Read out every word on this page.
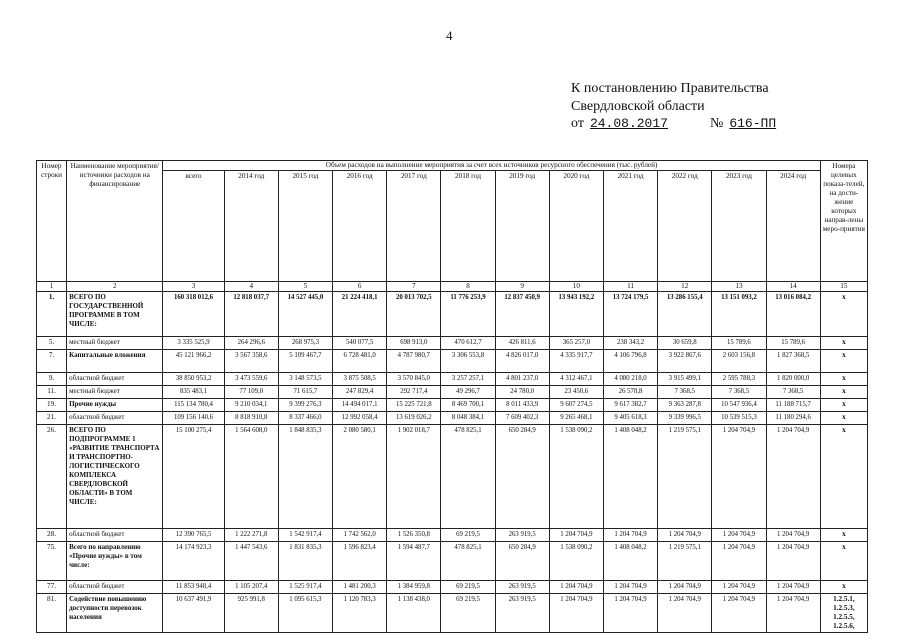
4
К постановлению Правительства
Свердловской области
от 24.08.2017	№ 616-ПП
Номер строки	Наименование мероприятия/источники расходов на финансирование	Объем расходов на выполнение мероприятия за счет всех источников ресурсного обеспечения (тыс. рублей)												Номера целевых показа-телей, на дости-жение которых направ-лены меро-приятия
		всего	2014 год	2015 год	2016 год	2017 год	2018 год	2019 год	2020 год	2021 год	2022 год	2023 год	2024 год	
1	2	3	4	5	6	7	8	9	10	11	12	13	14	15
1.	ВСЕГО ПО ГОСУДАРСТВЕННОЙ ПРОГРАММЕ В ТОМ ЧИСЛЕ:	160 318 012,6	12 818 037,7	14 527 445,0	21 224 418,1	20 013 702,5	11 776 253,9	12 837 450,9	13 943 192,2	13 724 179,5	13 286 155,4	13 151 093,2	13 016 084,2	х
5.	местный бюджет	3 335 525,9	264 296,6	268 975,3	540 077,5	698 913,0	470 612,7	426 811,6	365 257,0	238 343,2	30 659,8	15 789,6	15 789,6	х
7.	Капитальные вложения	45 121 966,2	3 567 358,6	5 109 467,7	6 728 481,0	4 787 980,7	3 306 553,8	4 826 017,0	4 335 917,7	4 106 796,8	3 922 867,6	2 603 156,8	1 827 368,5	х
9.	областной бюджет	38 850 953,2	3 473 559,6	3 148 573,5	3 875 508,5	3 570 845,0	3 257 257,1	4 801 237,0	4 312 467,1	4 080 218,0	3 915 499,1	2 595 788,3	1 820 000,0	х
11.	местный бюджет	835 483,1	77 109,0	71 615,7	247 829,4	292 717,4	49 296,7	24 780,0	23 450,6	26 578,8	7 368,5	7 368,5	7 368,5	х
19.	Прочие нужды	115 134 780,4	9 210 034,1	9 399 276,3	14 494 017,1	15 225 721,8	8 469 700,1	8 011 433,9	9 607 274,5	9 617 382,7	9 363 287,8	10 547 936,4	11 188 715,7	х
21.	областной бюджет	109 156 140,6	8 818 910,8	8 337 466,0	12 992 058,4	13 619 026,2	8 048 384,1	7 609 402,3	9 265 468,1	9 405 618,3	9 339 996,5	10 539 515,3	11 180 294,6	х
26.	ВСЕГО ПО ПОДПРОГРАММЕ 1 «РАЗВИТИЕ ТРАНСПОРТА И ТРАНСПОРТНО-ЛОГИСТИЧЕСКОГО КОМПЛЕКСА СВЕРДЛОВСКОЙ ОБЛАСТИ» В ТОМ ЧИСЛЕ:	15 100 275,4	1 564 608,0	1 848 835,3	2 080 580,1	1 902 018,7	478 825,1	650 284,9	1 538 090,2	1 408 048,2	1 219 575,1	1 204 704,9	1 204 704,9	х
28.	областной бюджет	12 390 765,5	1 222 271,8	1 542 917,4	1 742 562,0	1 526 350,8	69 219,5	263 919,5	1 204 704,9	1 204 704,9	1 204 704,9	1 204 704,9	1 204 704,9	х
75.	Всего по направлению «Прочие нужды» в том числе:	14 174 923,3	1 447 543,6	1 831 835,3	1 596 823,4	1 594 487,7	478 825,1	650 284,9	1 538 090,2	1 408 048,2	1 219 575,1	1 204 704,9	1 204 704,9	х
77.	областной бюджет	11 853 948,4	1 105 207,4	1 525 917,4	1 481 200,3	1 384 959,8	69 219,5	263 919,5	1 204 704,9	1 204 704,9	1 204 704,9	1 204 704,9	1 204 704,9	х
81.	Содействие повышению доступности перевозок населения	10 637 491,9	925 991,8	1 095 615,3	1 120 783,3	1 138 438,0	69 219,5	263 919,5	1 204 704,9	1 204 704,9	1 204 704,9	1 204 704,9	1 204 704,9	1.2.5.1, 1.2.5.3, 1.2.5.5, 1.2.5.6,
